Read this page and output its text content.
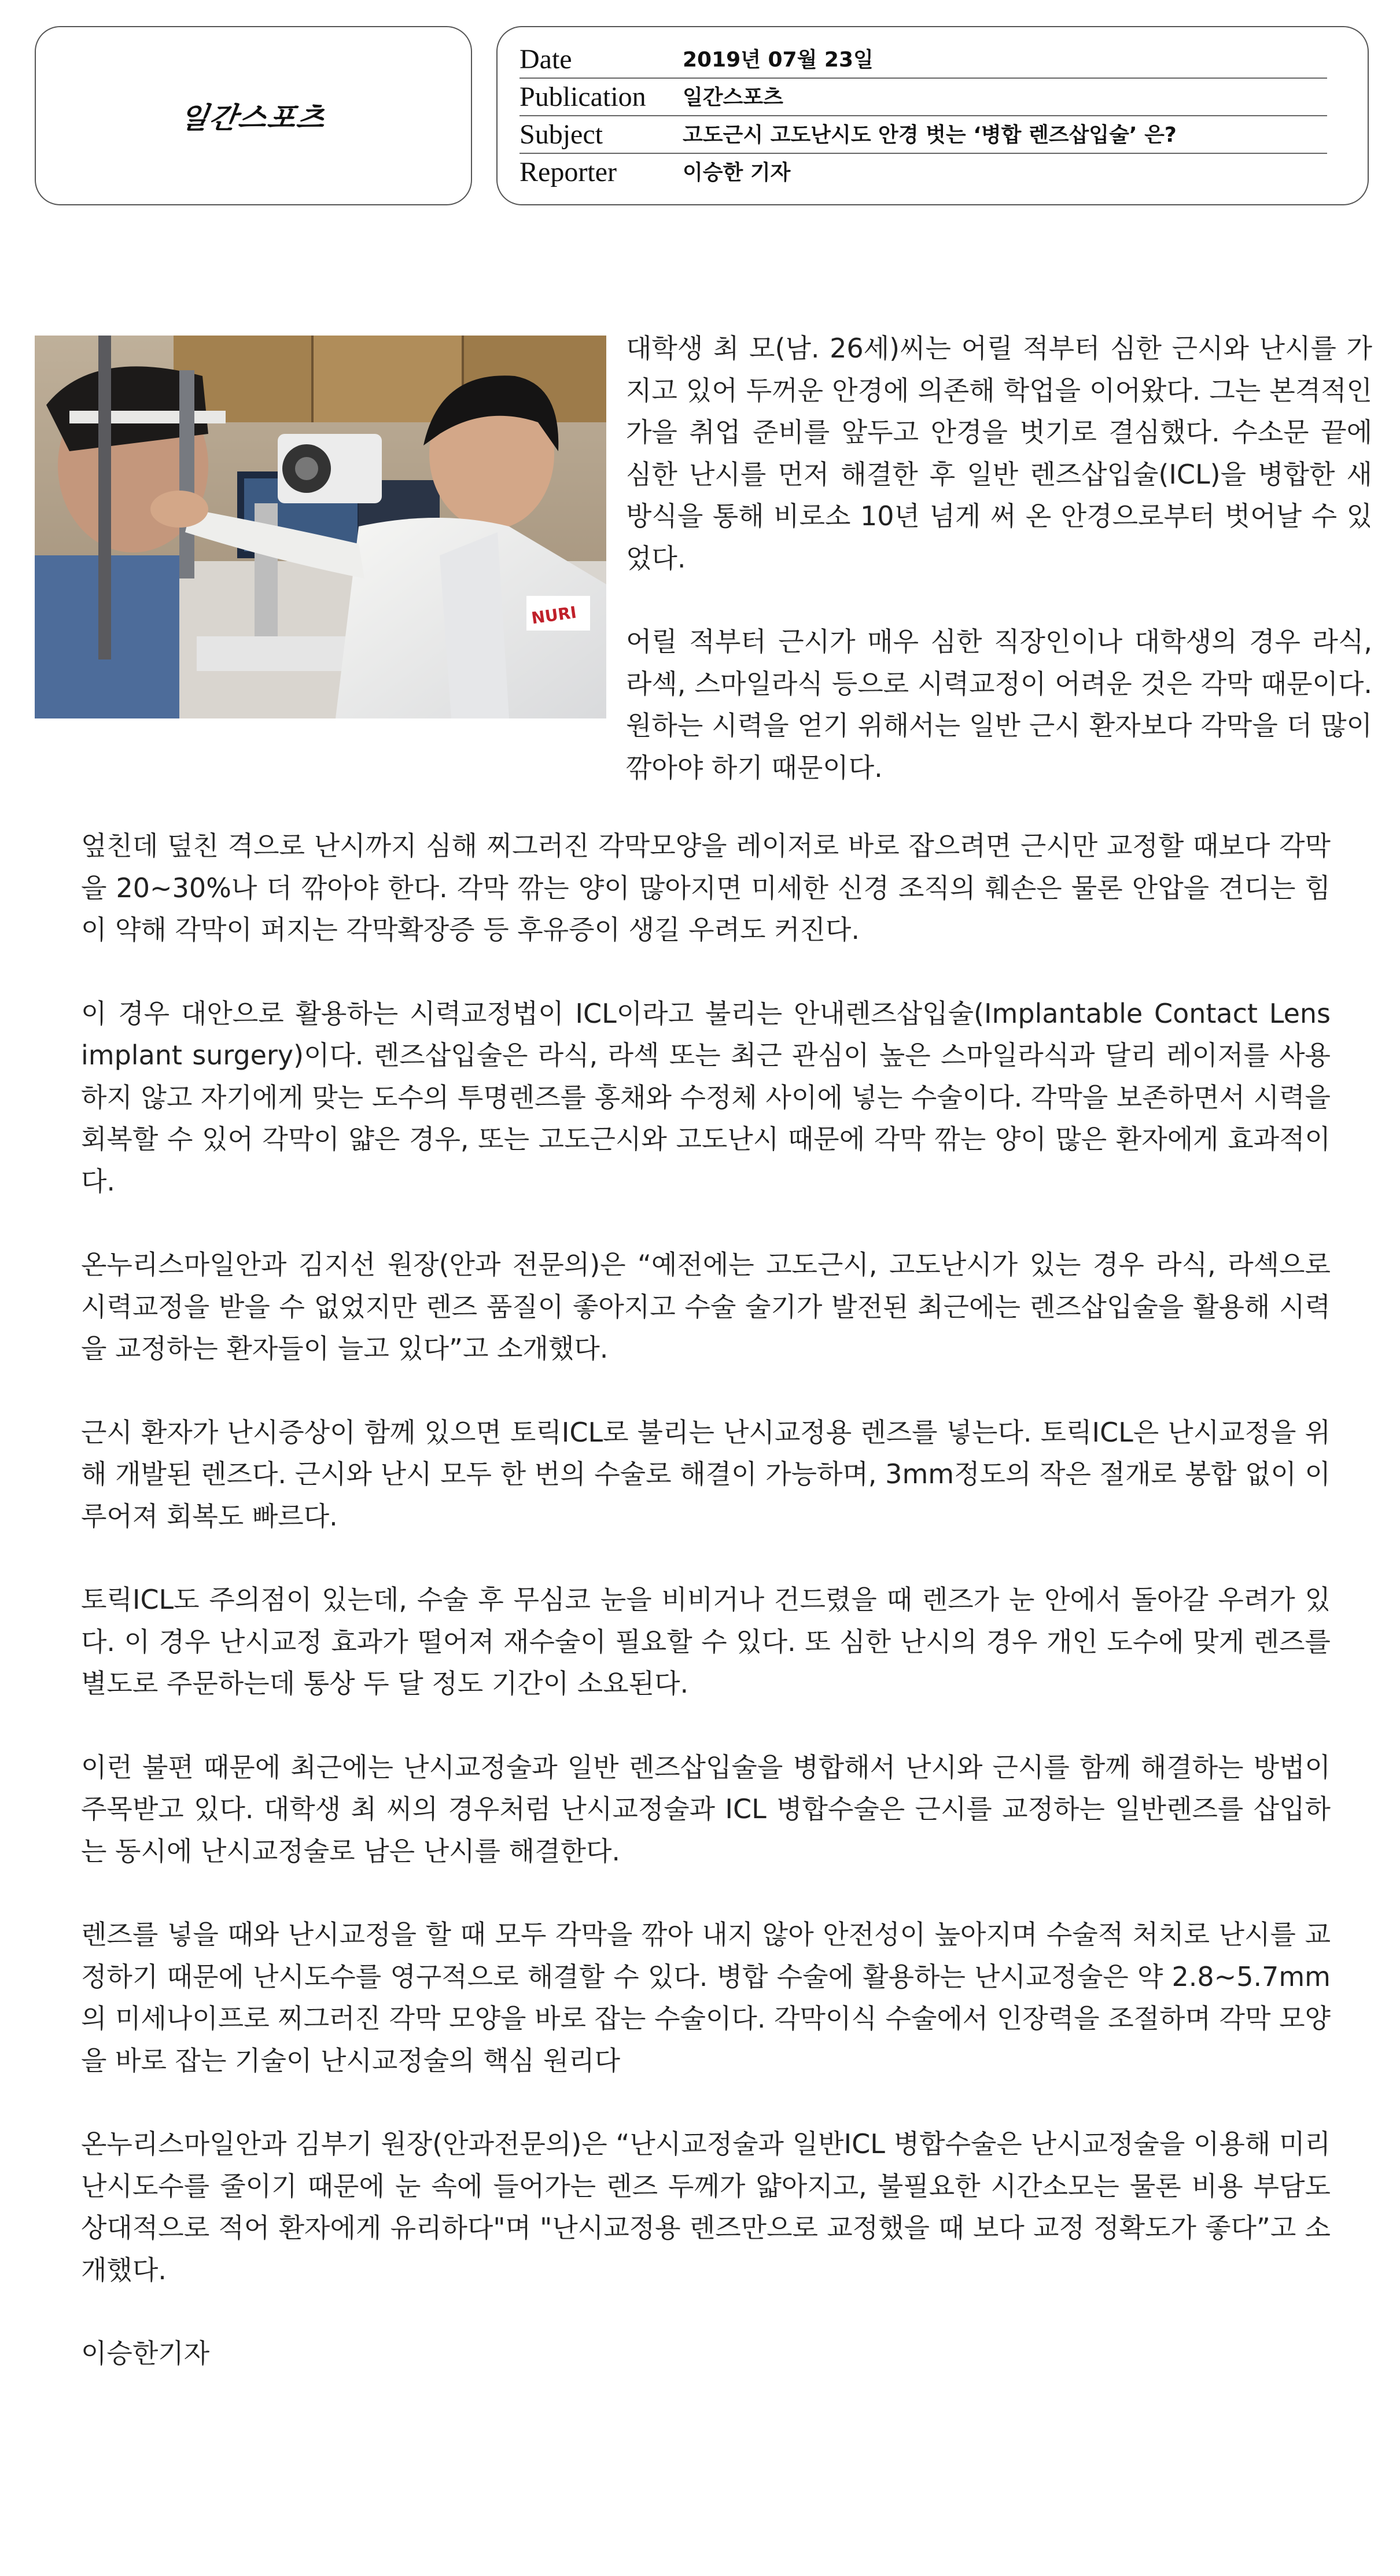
일간스포츠
Date	2019년 07월 23일
Publication 일간스포츠
Subject	고도근시 고도난시도 안경 벗는 ‘병합 렌즈삽입술’ 은?
Reporter	이승한 기자
NURI

대학생 최 모(남. 26세)씨는 어릴 적부터 심한 근시와 난시를 가지고 있어 두꺼운 안경에 의존해 학업을 이어왔다. 그는 본격적인 가을 취업 준비를 앞두고 안경을 벗기로 결심했다. 수소문 끝에 심한 난시를 먼저 해결한 후 일반 렌즈삽입술(ICL)을 병합한 새 방식을 통해 비로소 10년 넘게 써 온 안경으로부터 벗어날 수 있었다.

어릴 적부터 근시가 매우 심한 직장인이나 대학생의 경우 라식, 라섹, 스마일라식 등으로 시력교정이 어려운 것은 각막 때문이다. 원하는 시력을 얻기 위해서는 일반 근시 환자보다 각막을 더 많이 깎아야 하기 때문이다.

엎친데 덮친 격으로 난시까지 심해 찌그러진 각막모양을 레이저로 바로 잡으려면 근시만 교정할 때보다 각막을 20~30%나 더 깎아야 한다. 각막 깎는 양이 많아지면 미세한 신경 조직의 훼손은 물론 안압을 견디는 힘이 약해 각막이 퍼지는 각막확장증 등 후유증이 생길 우려도 커진다.

이 경우 대안으로 활용하는 시력교정법이 ICL이라고 불리는 안내렌즈삽입술(Implantable Contact Lens implant surgery)이다. 렌즈삽입술은 라식, 라섹 또는 최근 관심이 높은 스마일라식과 달리 레이저를 사용하지 않고 자기에게 맞는 도수의 투명렌즈를 홍채와 수정체 사이에 넣는 수술이다. 각막을 보존하면서 시력을 회복할 수 있어 각막이 얇은 경우, 또는 고도근시와 고도난시 때문에 각막 깎는 양이 많은 환자에게 효과적이다.

온누리스마일안과 김지선 원장(안과 전문의)은 “예전에는 고도근시, 고도난시가 있는 경우 라식, 라섹으로 시력교정을 받을 수 없었지만 렌즈 품질이 좋아지고 수술 술기가 발전된 최근에는 렌즈삽입술을 활용해 시력을 교정하는 환자들이 늘고 있다”고 소개했다.

근시 환자가 난시증상이 함께 있으면 토릭ICL로 불리는 난시교정용 렌즈를 넣는다. 토릭ICL은 난시교정을 위해 개발된 렌즈다. 근시와 난시 모두 한 번의 수술로 해결이 가능하며, 3mm정도의 작은 절개로 봉합 없이 이루어져 회복도 빠르다.

토릭ICL도 주의점이 있는데, 수술 후 무심코 눈을 비비거나 건드렸을 때 렌즈가 눈 안에서 돌아갈 우려가 있다. 이 경우 난시교정 효과가 떨어져 재수술이 필요할 수 있다. 또 심한 난시의 경우 개인 도수에 맞게 렌즈를 별도로 주문하는데 통상 두 달 정도 기간이 소요된다.

이런 불편 때문에 최근에는 난시교정술과 일반 렌즈삽입술을 병합해서 난시와 근시를 함께 해결하는 방법이 주목받고 있다. 대학생 최 씨의 경우처럼 난시교정술과 ICL 병합수술은 근시를 교정하는 일반렌즈를 삽입하는 동시에 난시교정술로 남은 난시를 해결한다.

렌즈를 넣을 때와 난시교정을 할 때 모두 각막을 깎아 내지 않아 안전성이 높아지며 수술적 처치로 난시를 교정하기 때문에 난시도수를 영구적으로 해결할 수 있다. 병합 수술에 활용하는 난시교정술은 약 2.8~5.7mm의 미세나이프로 찌그러진 각막 모양을 바로 잡는 수술이다. 각막이식 수술에서 인장력을 조절하며 각막 모양을 바로 잡는 기술이 난시교정술의 핵심 원리다

온누리스마일안과 김부기 원장(안과전문의)은 “난시교정술과 일반ICL 병합수술은 난시교정술을 이용해 미리 난시도수를 줄이기 때문에 눈 속에 들어가는 렌즈 두께가 얇아지고, 불필요한 시간소모는 물론 비용 부담도 상대적으로 적어 환자에게 유리하다"며 "난시교정용 렌즈만으로 교정했을 때 보다 교정 정확도가 좋다”고 소개했다.

이승한기자
